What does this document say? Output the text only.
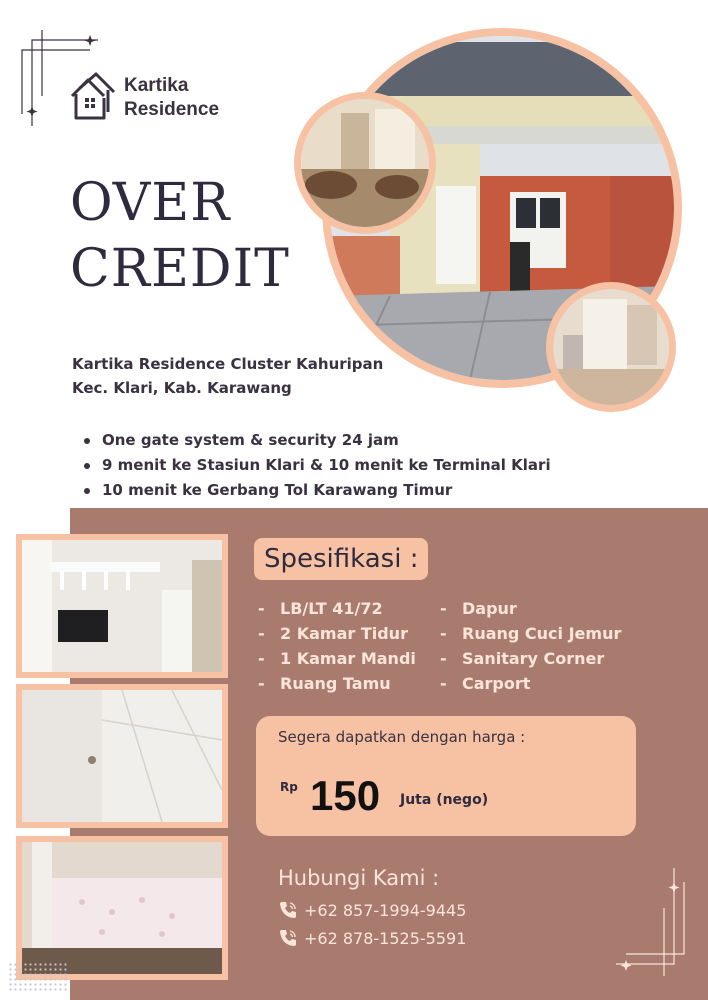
Kartika
Residence
OVER
CREDIT
Kartika Residence Cluster Kahuripan
Kec. Klari, Kab. Karawang
One gate system & security 24 jam
9 menit ke Stasiun Klari & 10 menit ke Terminal Klari
10 menit ke Gerbang Tol Karawang Timur
Spesifikasi :
- LB/LT 41/72
- 2 Kamar Tidur
- 1 Kamar Mandi
- Ruang Tamu
- Dapur
- Ruang Cuci Jemur
- Sanitary Corner
- Carport
Segera dapatkan dengan harga :
Rp 150 Juta (nego)
Hubungi Kami :
+62 857-1994-9445
+62 878-1525-5591
